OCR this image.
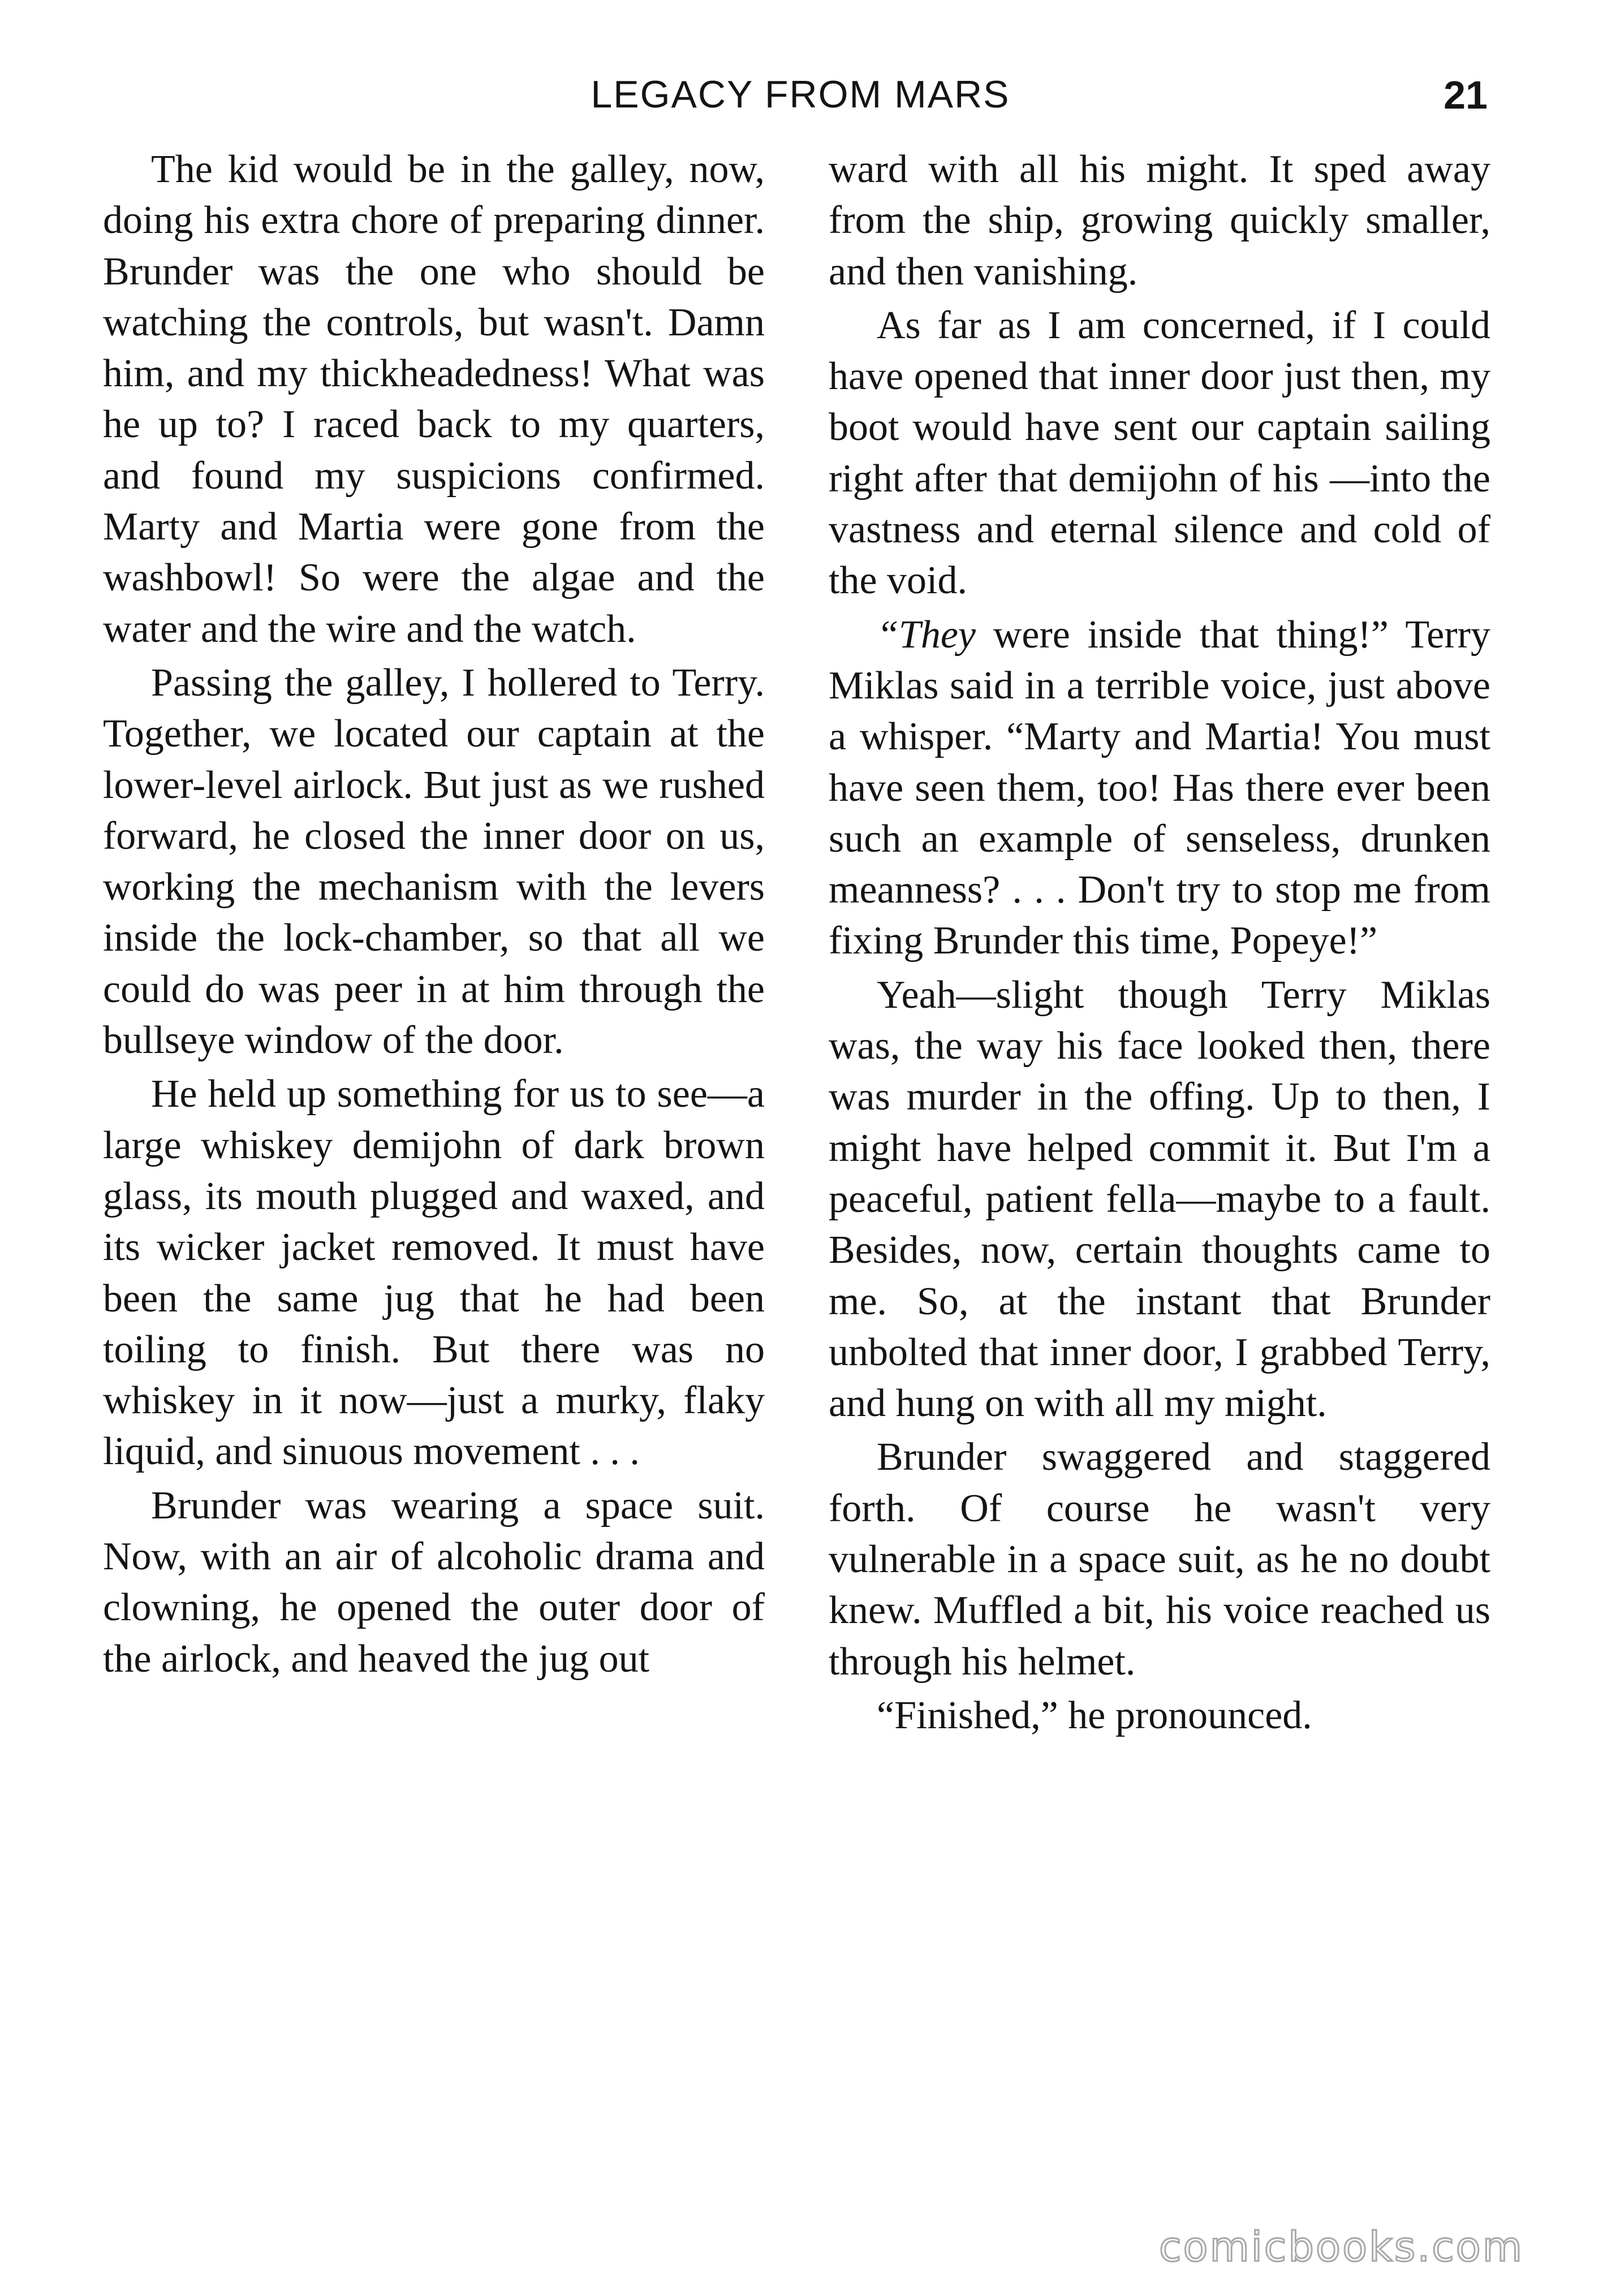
LEGACY FROM MARS	21

The kid would be in the galley, now, doing his extra chore of preparing dinner. Brunder was the one who should be watching the controls, but wasn't. Damn him, and my thickheadedness! What was he up to? I raced back to my quarters, and found my suspicions confirmed. Marty and Martia were gone from the washbowl! So were the algae and the water and the wire and the watch.

Passing the galley, I hollered to Terry. Together, we located our captain at the lower-level airlock. But just as we rushed forward, he closed the inner door on us, working the mechanism with the levers inside the lock-chamber, so that all we could do was peer in at him through the bullseye window of the door.

He held up something for us to see—a large whiskey demijohn of dark brown glass, its mouth plugged and waxed, and its wicker jacket removed. It must have been the same jug that he had been toiling to finish. But there was no whiskey in it now—just a murky, flaky liquid, and sinuous movement . . .

Brunder was wearing a space suit. Now, with an air of alcoholic drama and clowning, he opened the outer door of the airlock, and heaved the jug out

ward with all his might. It sped away from the ship, growing quickly smaller, and then vanishing.

As far as I am concerned, if I could have opened that inner door just then, my boot would have sent our captain sailing right after that demijohn of his —into the vastness and eternal silence and cold of the void.

“They were inside that thing!” Terry Miklas said in a terrible voice, just above a whisper. “Marty and Martia! You must have seen them, too! Has there ever been such an example of senseless, drunken meanness? . . . Don't try to stop me from fixing Brunder this time, Popeye!”

Yeah—slight though Terry Miklas was, the way his face looked then, there was murder in the offing. Up to then, I might have helped commit it. But I'm a peaceful, patient fella—maybe to a fault. Besides, now, certain thoughts came to me. So, at the instant that Brunder unbolted that inner door, I grabbed Terry, and hung on with all my might.

Brunder swaggered and staggered forth. Of course he wasn't very vulnerable in a space suit, as he no doubt knew. Muffled a bit, his voice reached us through his helmet.

“Finished,” he pronounced.

comicbooks.com
